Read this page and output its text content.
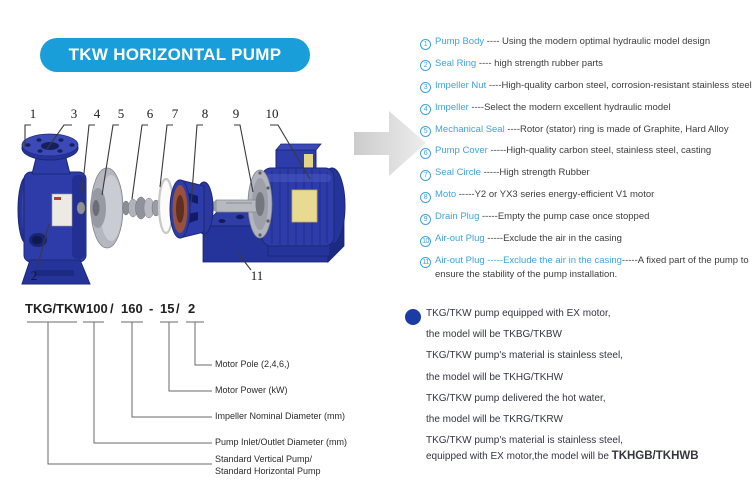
TKW HORIZONTAL PUMP
1	3 4 5 6 7 8 9 10
2	11
1 Pump Body ---- Using the modern optimal hydraulic model design
2 Seal Ring ---- high strength rubber parts
3 Impeller Nut ----High-quality carbon steel, corrosion-resistant stainless steel
4 Impeller ----Select the modern excellent hydraulic model
5 Mechanical Seal ----Rotor (stator) ring is made of Graphite, Hard Alloy
6 Pump Cover -----High-quality carbon steel, stainless steel, casting
7 Seal Circle -----High strength Rubber
8 Moto -----Y2 or YX3 series energy-efficient V1 motor
9 Drain Plug -----Empty the pump case once stopped
10 Air-out Plug -----Exclude the air in the casing
11 Air-out Plug -----Exclude the air in the casing-----A fixed part of the pump to ensure the stability of the pump installation.
TKG/TKW 100 / 160 - 15 / 2
Motor Pole (2,4,6,)
Motor Power (kW)
Impeller Nominal Diameter (mm)
Pump Inlet/Outlet Diameter (mm)
Standard Vertical Pump/
Standard Horizontal Pump

TKG/TKW pump equipped with EX motor,

the model will be TKBG/TKBW

TKG/TKW pump's material is stainless steel,

the model will be TKHG/TKHW

TKG/TKW pump delivered the hot water,

the model will be TKRG/TKRW

TKG/TKW pump's material is stainless steel,

equipped with EX motor,the model will be TKHGB/TKHWB
